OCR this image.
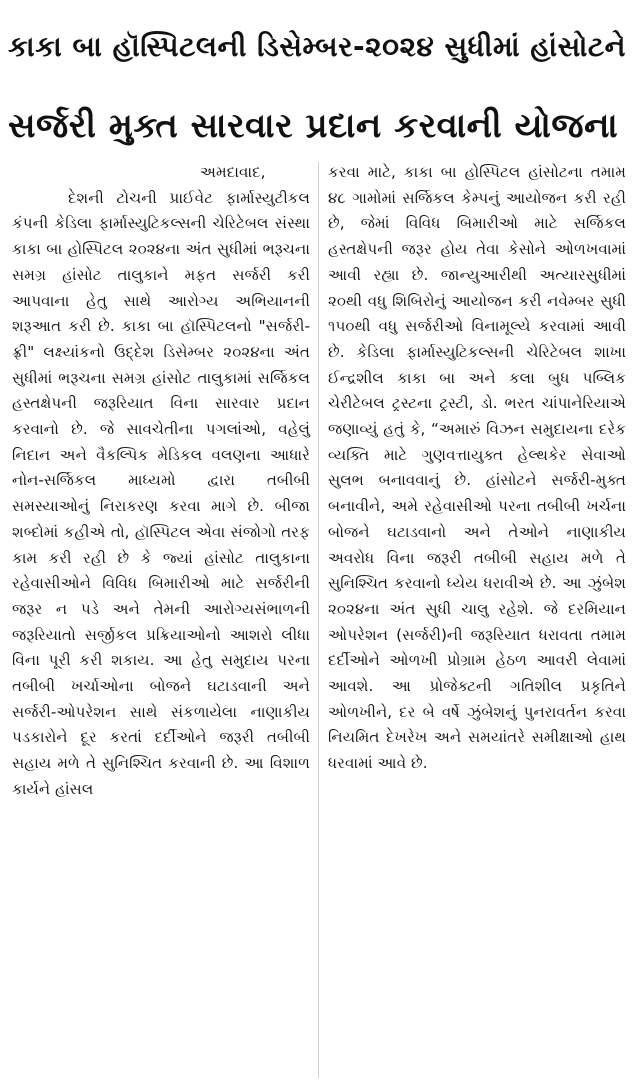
કાકા બા હૉસ્પિટલની ડિસેમ્બર-૨૦૨૪ સુધીમાં હાંસોટને
સર્જરી મુક્ત સારવાર પ્રદાન કરવાની યોજના

અમદાવાદ,

દેશની ટોચની પ્રાઈવેટ ફાર્માસ્યુટીકલ કંપની કેડિલા ફાર્માસ્યુટિકલ્સની ચેરિટેબલ સંસ્થા કાકા બા હોસ્પિટલ ૨૦૨૪ના અંત સુધીમાં ભરૂચના સમગ્ર હાંસોટ તાલુકાને મફત સર્જરી કરી આપવાના હેતુ સાથે આરોગ્ય અભિયાનની શરૂઆત કરી છે. કાકા બા હૉસ્પિટલનો "સર્જરી-ફ્રી" લક્ષ્યાંકનો ઉદ્દેશ ડિસેમ્બર ૨૦૨૪ના અંત સુધીમાં ભરૂચના સમગ્ર હાંસોટ તાલુકામાં સર્જિકલ હસ્તક્ષેપની જરૂરિયાત વિના સારવાર પ્રદાન કરવાનો છે. જે સાવચેતીના પગલાંઓ, વહેલું નિદાન અને વૈકલ્પિક મેડિકલ વલણના આધારે નોન-સર્જિકલ માધ્યમો દ્વારા તબીબી સમસ્યાઓનું નિરાકરણ કરવા માગે છે. બીજા શબ્દોમાં કહીએ તો, હૉસ્પિટલ એવા સંજોગો તરફ કામ કરી રહી છે કે જ્યાં હાંસોટ તાલુકાના રહેવાસીઓને વિવિધ બિમારીઓ માટે સર્જરીની જરૂર ન પડે અને તેમની આરોગ્યસંભાળની જરૂરિયાતો સર્જીકલ પ્રક્રિયાઓનો આશરો લીધા વિના પૂરી કરી શકાય. આ હેતુ સમુદાય પરના તબીબી ખર્ચાઓના બોજને ઘટાડવાની અને સર્જરી-ઓપરેશન સાથે સંકળાયેલા નાણાકીય પડકારોને દૂર કરતાં દર્દીઓને જરૂરી તબીબી સહાય મળે તે સુનિશ્ચિત કરવાની છે. આ વિશાળ કાર્યને હાંસલ

કરવા માટે, કાકા બા હોસ્પિટલ હાંસોટના તમામ ૪૮ ગામોમાં સર્જિકલ કેમ્પનું આયોજન કરી રહી છે, જેમાં વિવિધ બિમારીઓ માટે સર્જિકલ હસ્તક્ષેપની જરૂર હોય તેવા કેસોને ઓળખવામાં આવી રહ્યા છે. જાન્યુઆરીથી અત્યારસુધીમાં ૨૦થી વધુ શિબિરોનું આયોજન કરી નવેમ્બર સુધી ૧૫૦થી વધુ સર્જરીઓ વિનામૂલ્યે કરવામાં આવી છે. કેડિલા ફાર્માસ્યુટિકલ્સની ચેરિટેબલ શાખા ઈન્દ્રશીલ કાકા બા અને કલા બુધ પબ્લિક ચેરીટેબલ ટ્રસ્ટના ટ્રસ્ટી, ડો. ભરત ચાંપાનેરિયાએ જણાવ્યું હતું કે, “અમારું વિઝન સમુદાયના દરેક વ્યક્તિ માટે ગુણવત્તાયુક્ત હેલ્થકેર સેવાઓ સુલભ બનાવવાનું છે. હાંસોટને સર્જરી-મુક્ત બનાવીને, અમે રહેવાસીઓ પરના તબીબી ખર્ચના બોજને ઘટાડવાનો અને તેઓને નાણાકીય અવરોધ વિના જરૂરી તબીબી સહાય મળે તે સુનિશ્ચિત કરવાનો ધ્યેય ધરાવીએ છે. આ ઝુંબેશ ૨૦૨૪ના અંત સુધી ચાલુ રહેશે. જે દરમિયાન ઓપરેશન (સર્જરી)ની જરૂરિયાત ધરાવતા તમામ દર્દીઓને ઓળખી પ્રોગ્રામ હેઠળ આવરી લેવામાં આવશે. આ પ્રોજેક્ટની ગતિશીલ પ્રકૃતિને ઓળખીને, દર બે વર્ષે ઝુંબેશનું પુનરાવર્તન કરવા નિયમિત દેખરેખ અને સમયાંતરે સમીક્ષાઓ હાથ ધરવામાં આવે છે.
